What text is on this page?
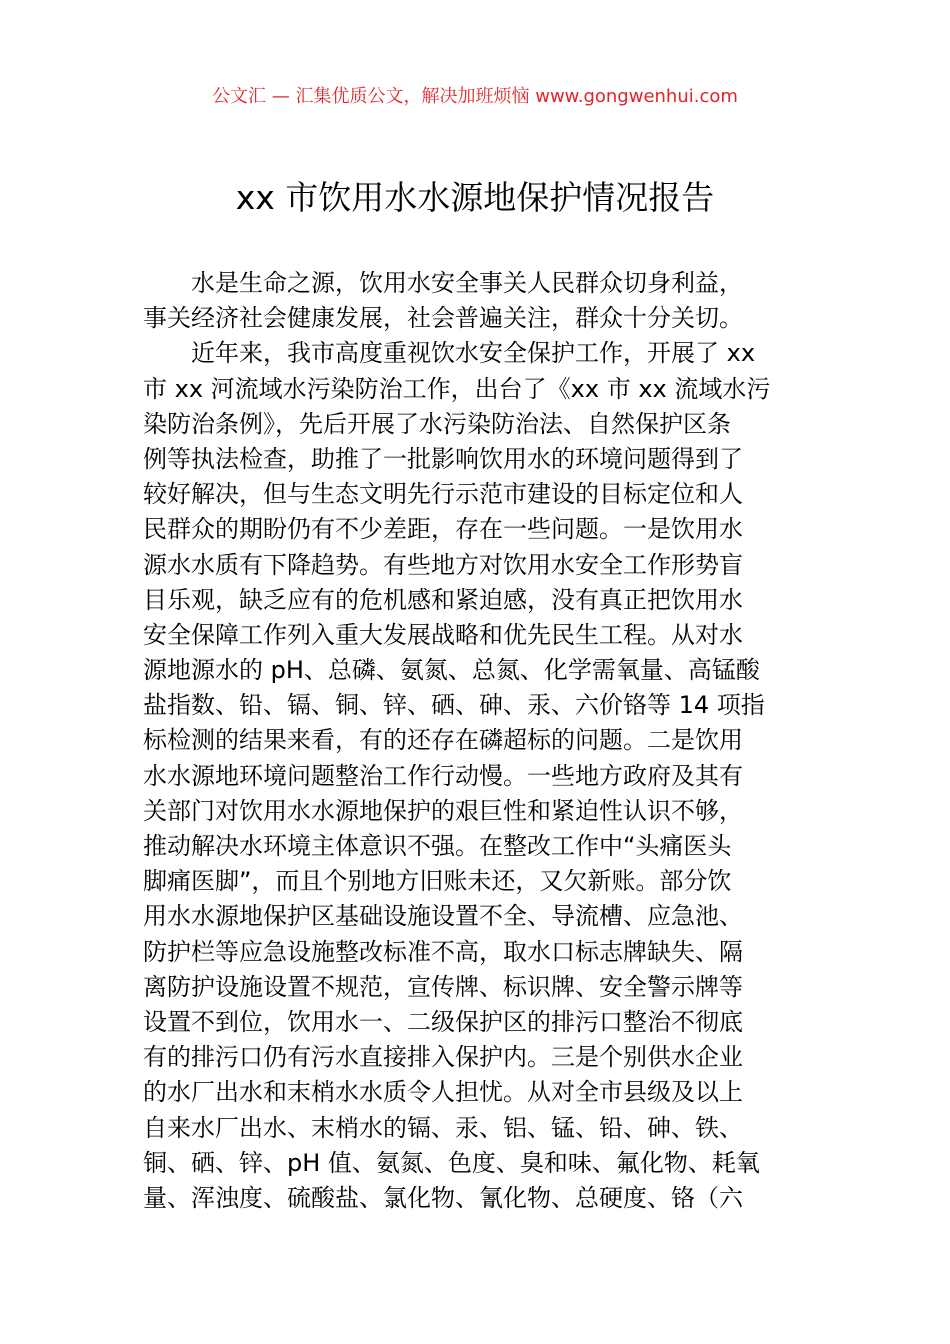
公文汇 — 汇集优质公文，解决加班烦恼 www.gongwenhui.com
xx 市饮用水水源地保护情况报告
水是生命之源，饮用水安全事关人民群众切身利益，
事关经济社会健康发展，社会普遍关注，群众十分关切。
近年来，我市高度重视饮水安全保护工作，开展了 xx
市 xx 河流域水污染防治工作，出台了《xx 市 xx 流域水污
染防治条例》，先后开展了水污染防治法、自然保护区条
例等执法检查，助推了一批影响饮用水的环境问题得到了
较好解决，但与生态文明先行示范市建设的目标定位和人
民群众的期盼仍有不少差距，存在一些问题。一是饮用水
源水水质有下降趋势。有些地方对饮用水安全工作形势盲
目乐观，缺乏应有的危机感和紧迫感，没有真正把饮用水
安全保障工作列入重大发展战略和优先民生工程。从对水
源地源水的 pH、总磷、氨氮、总氮、化学需氧量、高锰酸
盐指数、铅、镉、铜、锌、硒、砷、汞、六价铬等 14 项指
标检测的结果来看，有的还存在磷超标的问题。二是饮用
水水源地环境问题整治工作行动慢。一些地方政府及其有
关部门对饮用水水源地保护的艰巨性和紧迫性认识不够，
推动解决水环境主体意识不强。在整改工作中“头痛医头
脚痛医脚”，而且个别地方旧账未还，又欠新账。部分饮
用水水源地保护区基础设施设置不全、导流槽、应急池、
防护栏等应急设施整改标准不高，取水口标志牌缺失、隔
离防护设施设置不规范，宣传牌、标识牌、安全警示牌等
设置不到位，饮用水一、二级保护区的排污口整治不彻底
有的排污口仍有污水直接排入保护内。三是个别供水企业
的水厂出水和末梢水水质令人担忧。从对全市县级及以上
自来水厂出水、末梢水的镉、汞、铝、锰、铅、砷、铁、
铜、硒、锌、pH 值、氨氮、色度、臭和味、氟化物、耗氧
量、浑浊度、硫酸盐、氯化物、氰化物、总硬度、铬（六
